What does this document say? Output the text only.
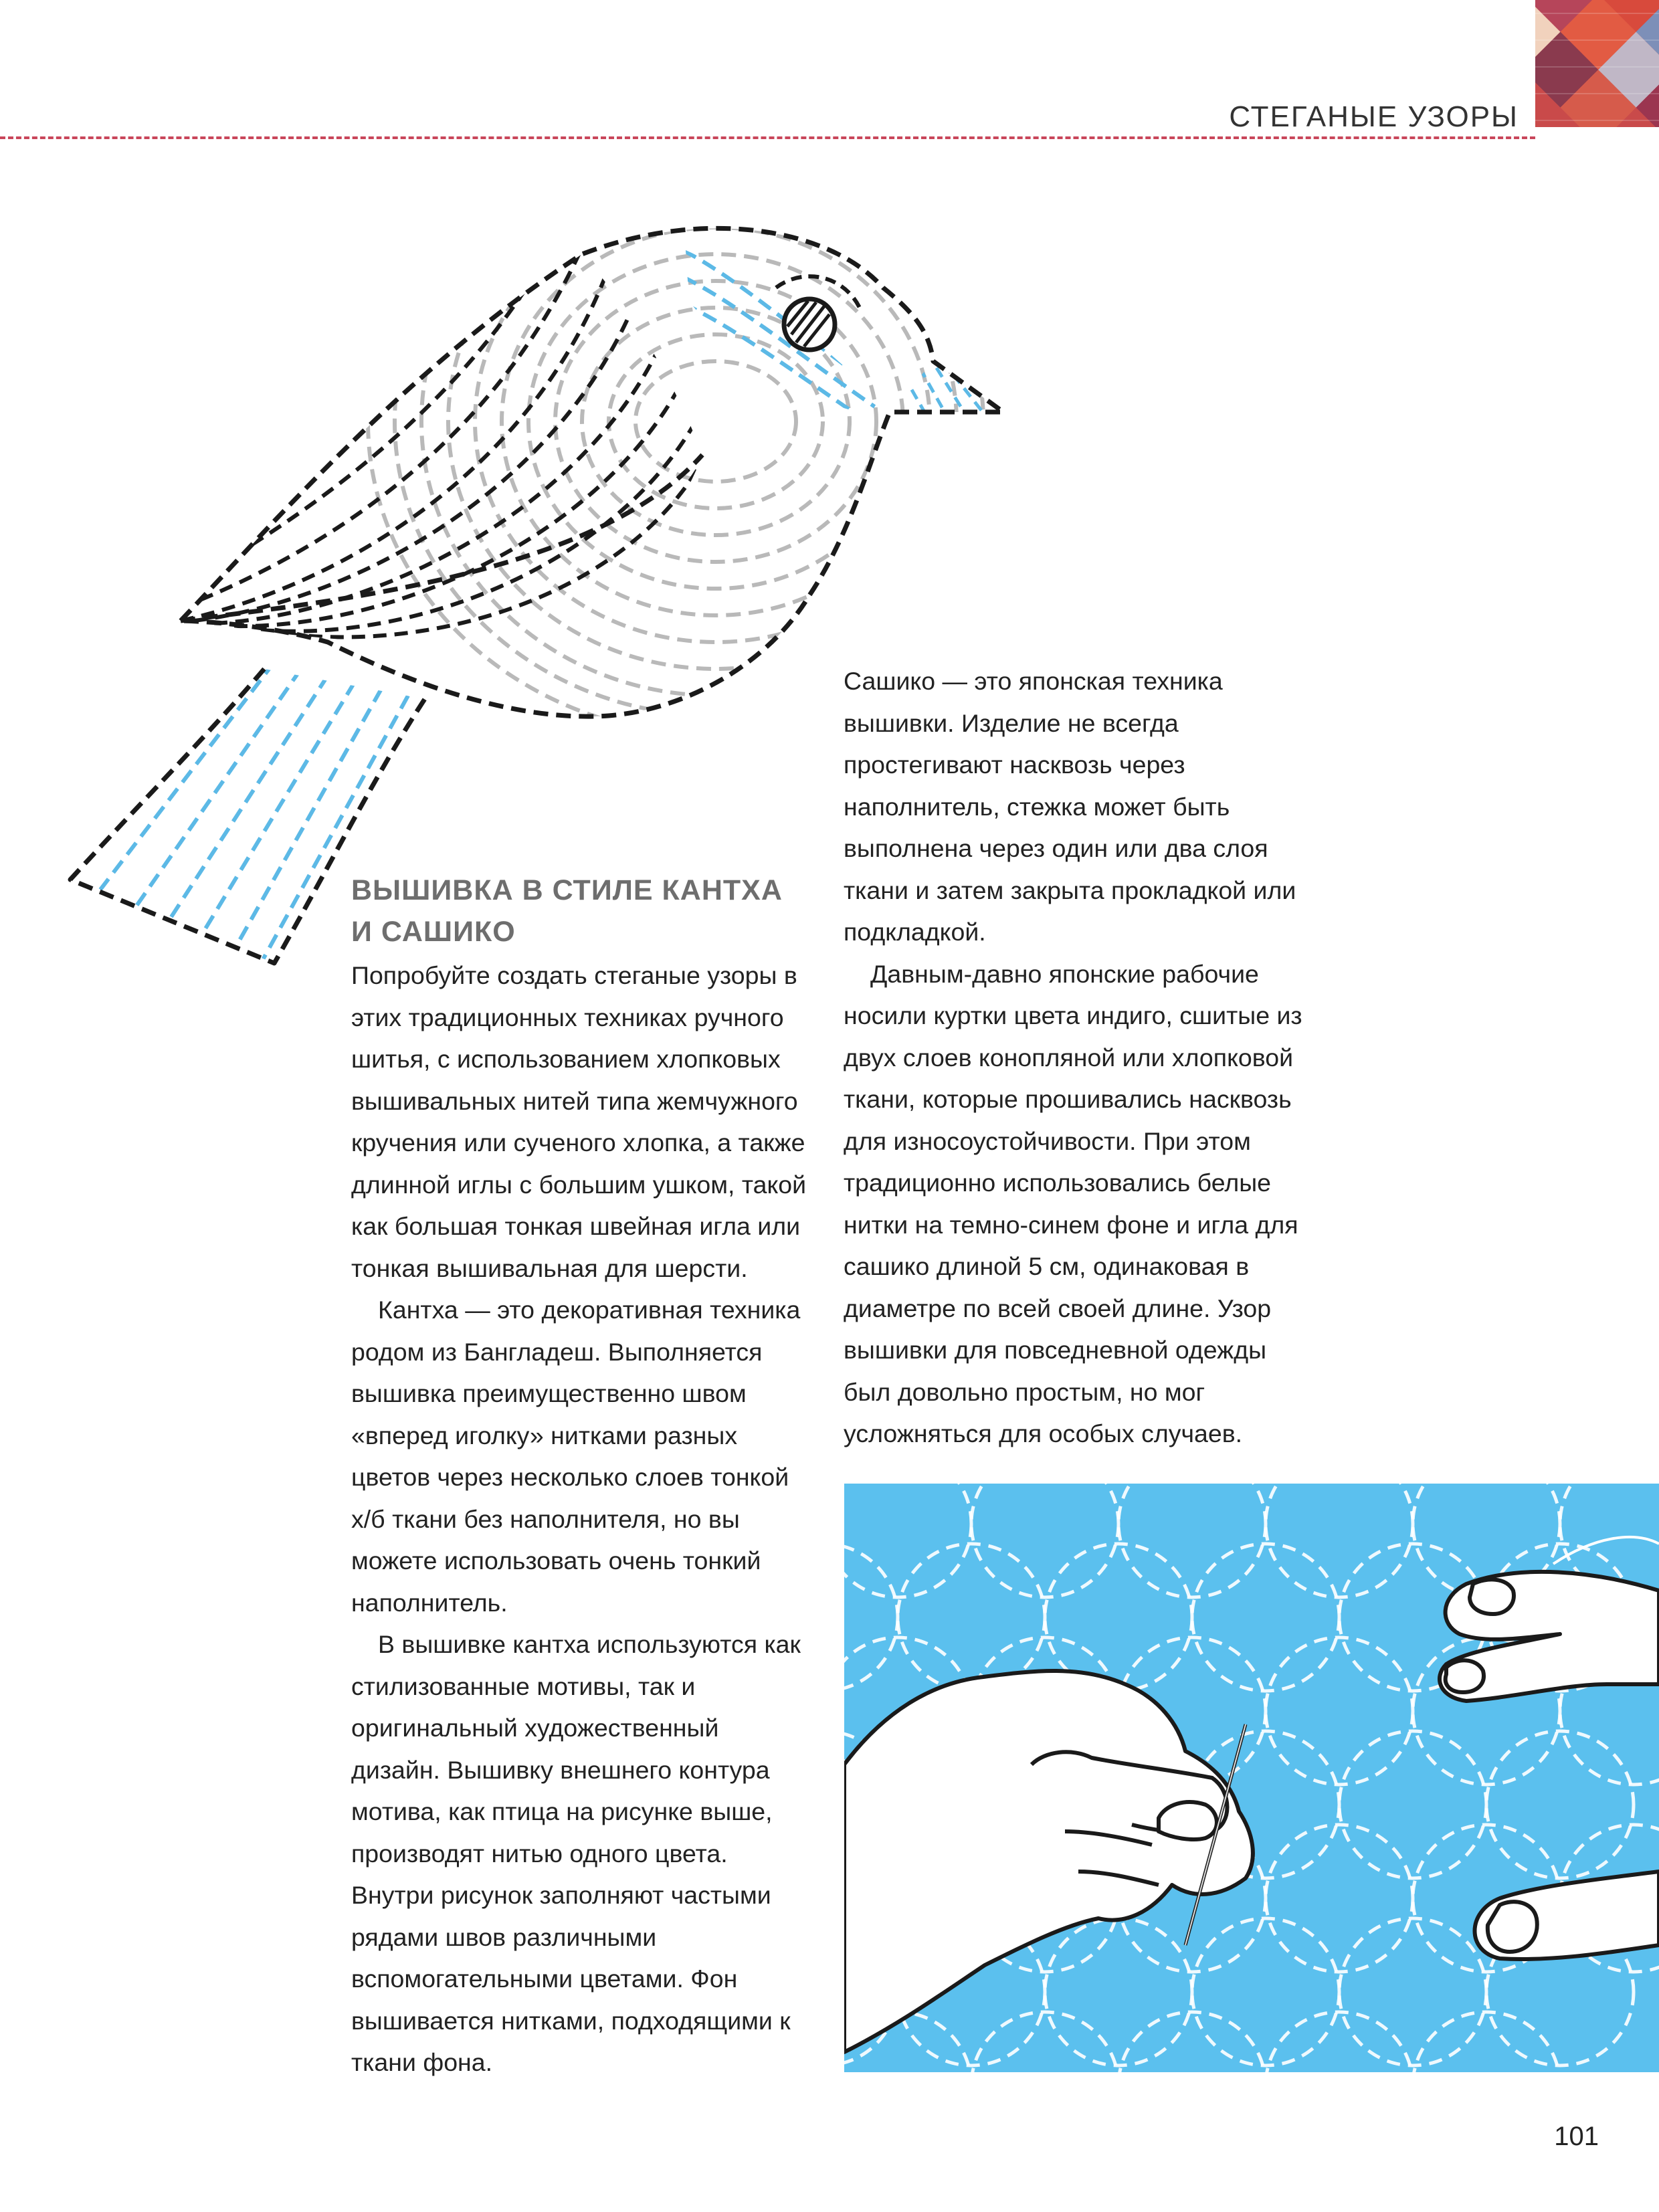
СТЕГАНЫЕ УЗОРЫ
ВЫШИВКА В СТИЛЕ КАНТХА
И САШИКО

Попробуйте создать стеганые узоры в этих традиционных техниках ручного шитья, с использованием хлопковых вышивальных нитей типа жемчужного кручения или сученого хлопка, а также длинной иглы с большим ушком, такой как большая тонкая швейная игла или тонкая вышивальная для шерсти.

Кантха — это декоративная техника родом из Бангладеш. Выполняется вышивка преимущественно швом «вперед иголку» нитками разных цветов через несколько слоев тонкой х/б ткани без наполнителя, но вы можете использовать очень тонкий наполнитель.

В вышивке кантха используются как стилизованные мотивы, так и оригинальный художественный дизайн. Вышивку внешнего контура мотива, как птица на рисунке выше, производят нитью одного цвета. Внутри рисунок заполняют частыми рядами швов различными вспомогательными цветами. Фон вышивается нитками, подходящими к ткани фона.

Сашико — это японская техника вышивки. Изделие не всегда простегивают насквозь через наполнитель, стежка может быть выполнена через один или два слоя ткани и затем закрыта прокладкой или подкладкой.

Давным-давно японские рабочие носили куртки цвета индиго, сшитые из двух слоев конопляной или хлопковой ткани, которые прошивались насквозь для износоустойчивости. При этом традиционно использовались белые нитки на темно-синем фоне и игла для сашико длиной 5 см, одинаковая в диаметре по всей своей длине. Узор вышивки для повседневной одежды был довольно простым, но мог усложняться для особых случаев.

101
